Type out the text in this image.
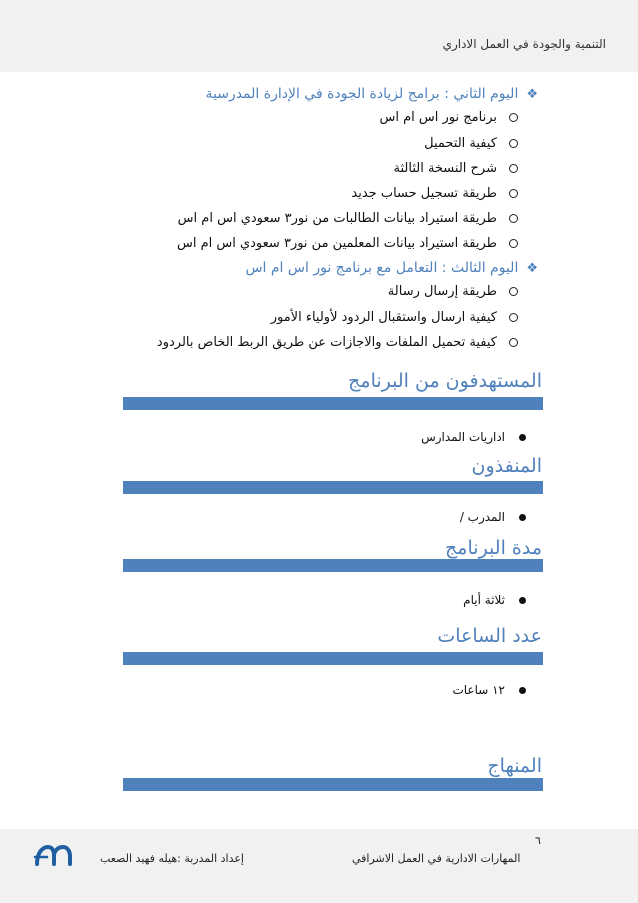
التنمية والجودة في العمل الاداري
❖اليوم الثاني : برامج لزيادة الجودة في الإدارة المدرسية
برنامج نور اس ام اس
كيفية التحميل
شرح النسخة الثالثة
طريقة تسجيل حساب جديد
طريقة استيراد بيانات الطالبات من نور٣ سعودي اس ام اس
طريقة استيراد بيانات المعلمين من نور٣ سعودي اس ام اس
❖اليوم الثالث : التعامل مع برنامج نور اس ام اس
طريقة إرسال رسالة
كيفية ارسال واستقبال الردود لأولياء الأمور
كيفية تحميل الملفات والاجازات عن طريق الربط الخاص بالردود
المستهدفون من البرنامج
اداريات المدارس
المنفذون
المدرب /
مدة البرنامج
ثلاثة أيام
عدد الساعات
١٢ ساعات
المنهاج
٦
المهارات الادارية في العمل الاشرافي
إعداد المدربة :هيله فهيد الصعب
